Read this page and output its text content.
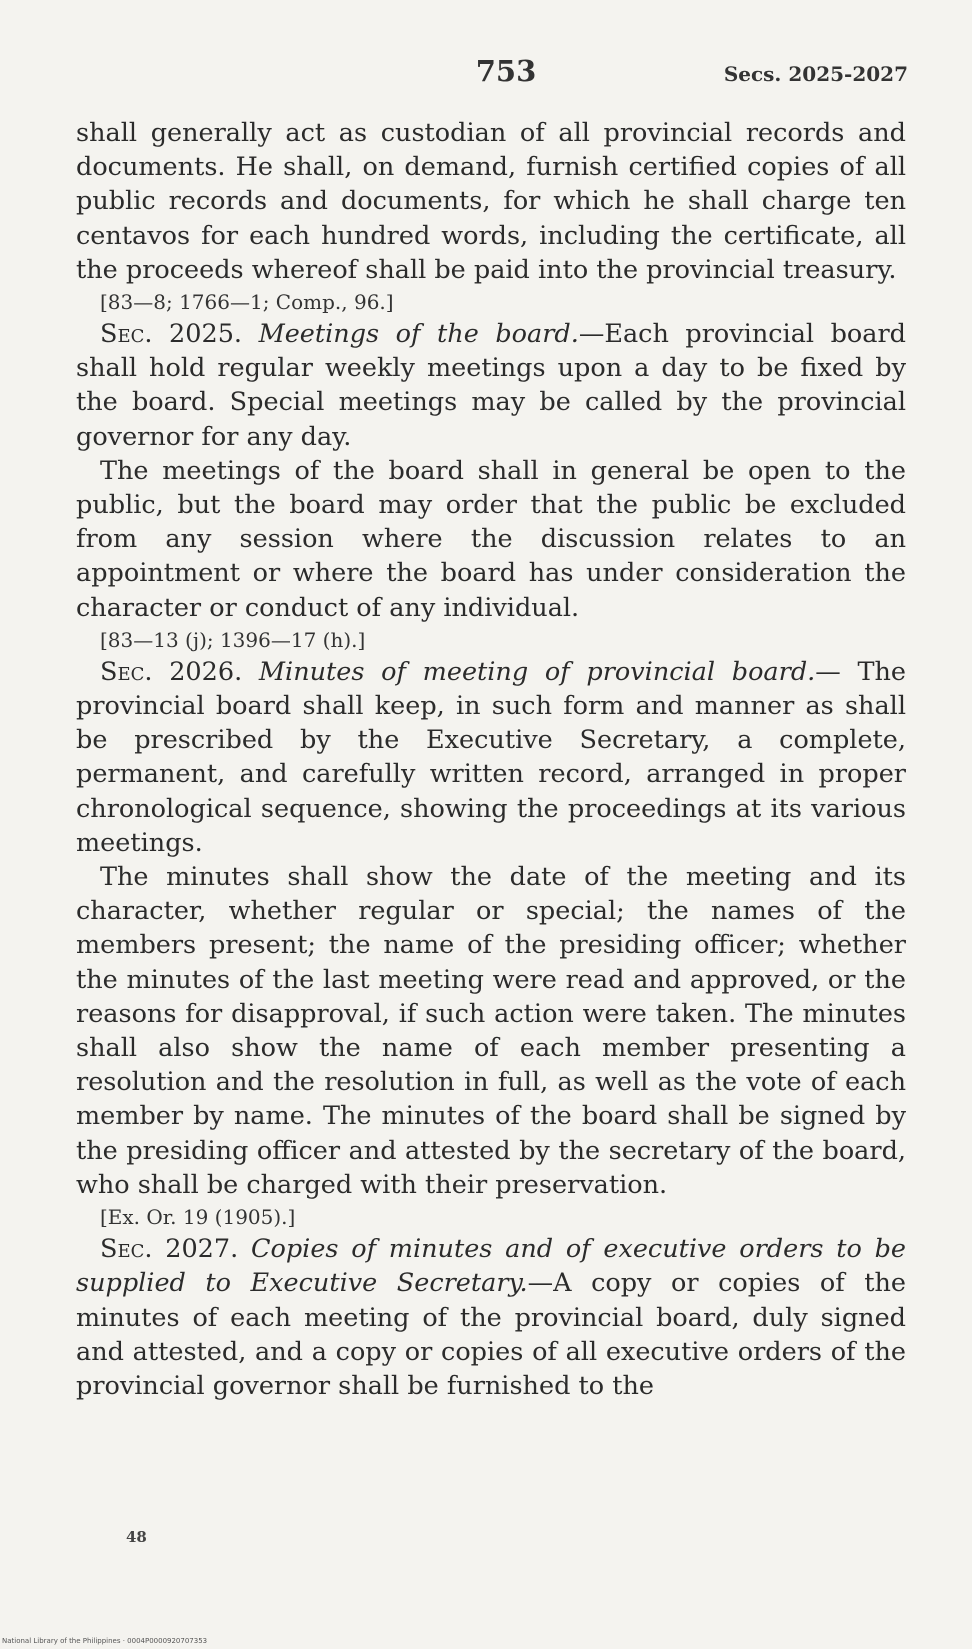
753	Secs. 2025-2027

shall generally act as custodian of all provincial records and documents. He shall, on demand, furnish certified copies of all public records and documents, for which he shall charge ten centavos for each hundred words, including the certificate, all the proceeds whereof shall be paid into the provincial treasury.

[83—8; 1766—1; Comp., 96.]

Sec. 2025. Meetings of the board.—Each provincial board shall hold regular weekly meetings upon a day to be fixed by the board. Special meetings may be called by the provincial governor for any day.

The meetings of the board shall in general be open to the public, but the board may order that the public be excluded from any session where the discussion relates to an appointment or where the board has under consideration the character or conduct of any individual.

[83—13 (j); 1396—17 (h).]

Sec. 2026. Minutes of meeting of provincial board.— The provincial board shall keep, in such form and manner as shall be prescribed by the Executive Secretary, a complete, permanent, and carefully written record, arranged in proper chronological sequence, showing the proceedings at its various meetings.

The minutes shall show the date of the meeting and its character, whether regular or special; the names of the members present; the name of the presiding officer; whether the minutes of the last meeting were read and approved, or the reasons for disapproval, if such action were taken. The minutes shall also show the name of each member presenting a resolution and the resolution in full, as well as the vote of each member by name. The minutes of the board shall be signed by the presiding officer and attested by the secretary of the board, who shall be charged with their preservation.

[Ex. Or. 19 (1905).]

Sec. 2027. Copies of minutes and of executive orders to be supplied to Executive Secretary.—A copy or copies of the minutes of each meeting of the provincial board, duly signed and attested, and a copy or copies of all executive orders of the provincial governor shall be furnished to the

48
National Library of the Philippines · 0004P0000920707353
